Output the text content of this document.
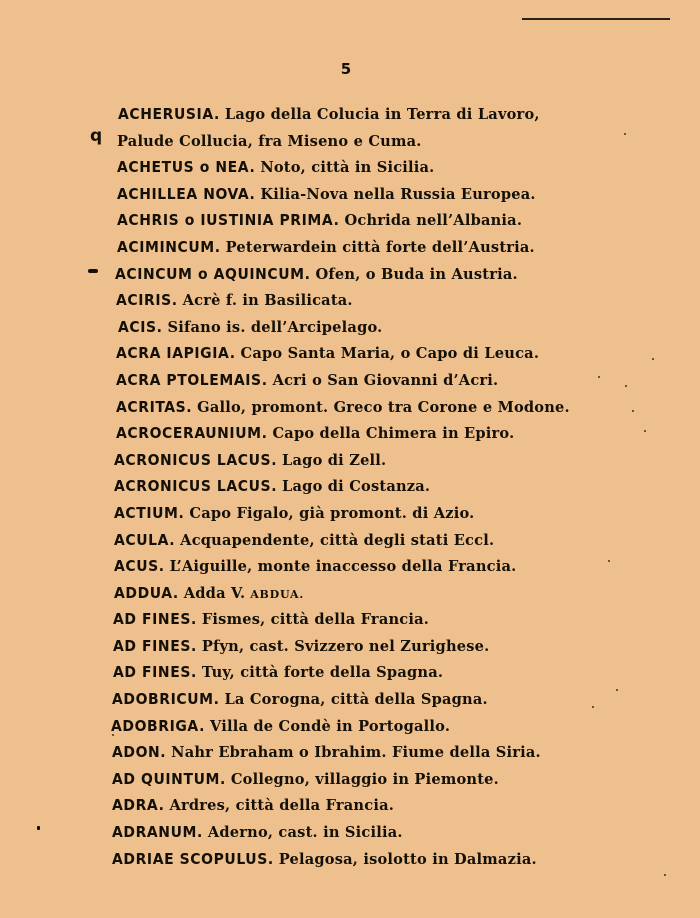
5
q
ACHERUSIA. Lago della Colucia in Terra di Lavoro,
Palude Collucia, fra Miseno e Cuma.
ACHETUS o NEA. Noto, città in Sicilia.
ACHILLEA NOVA. Kilia-Nova nella Russia Europea.
ACHRIS o IUSTINIA PRIMA. Ochrida nell’Albania.
ACIMINCUM. Peterwardein città forte dell’Austria.
ACINCUM o AQUINCUM. Ofen, o Buda in Austria.
ACIRIS. Acrè f. in Basilicata.
ACIS. Sifano is. dell’Arcipelago.
ACRA IAPIGIA. Capo Santa Maria, o Capo di Leuca.
ACRA PTOLEMAIS. Acri o San Giovanni d’Acri.
ACRITAS. Gallo, promont. Greco tra Corone e Modone.
ACROCERAUNIUM. Capo della Chimera in Epiro.
ACRONICUS LACUS. Lago di Zell.
ACRONICUS LACUS. Lago di Costanza.
ACTIUM. Capo Figalo, già promont. di Azio.
ACULA. Acquapendente, città degli stati Eccl.
ACUS. L’Aiguille, monte inaccesso della Francia.
ADDUA. Adda V. ABDUA.
AD FINES. Fismes, città della Francia.
AD FINES. Pfyn, cast. Svizzero nel Zurighese.
AD FINES. Tuy, città forte della Spagna.
ADOBRICUM. La Corogna, città della Spagna.
ADOBRIGA. Villa de Condè in Portogallo.
ADON. Nahr Ebraham o Ibrahim. Fiume della Siria.
AD QUINTUM. Collegno, villaggio in Piemonte.
ADRA. Ardres, città della Francia.
ADRANUM. Aderno, cast. in Sicilia.
ADRIAE SCOPULUS. Pelagosa, isolotto in Dalmazia.
